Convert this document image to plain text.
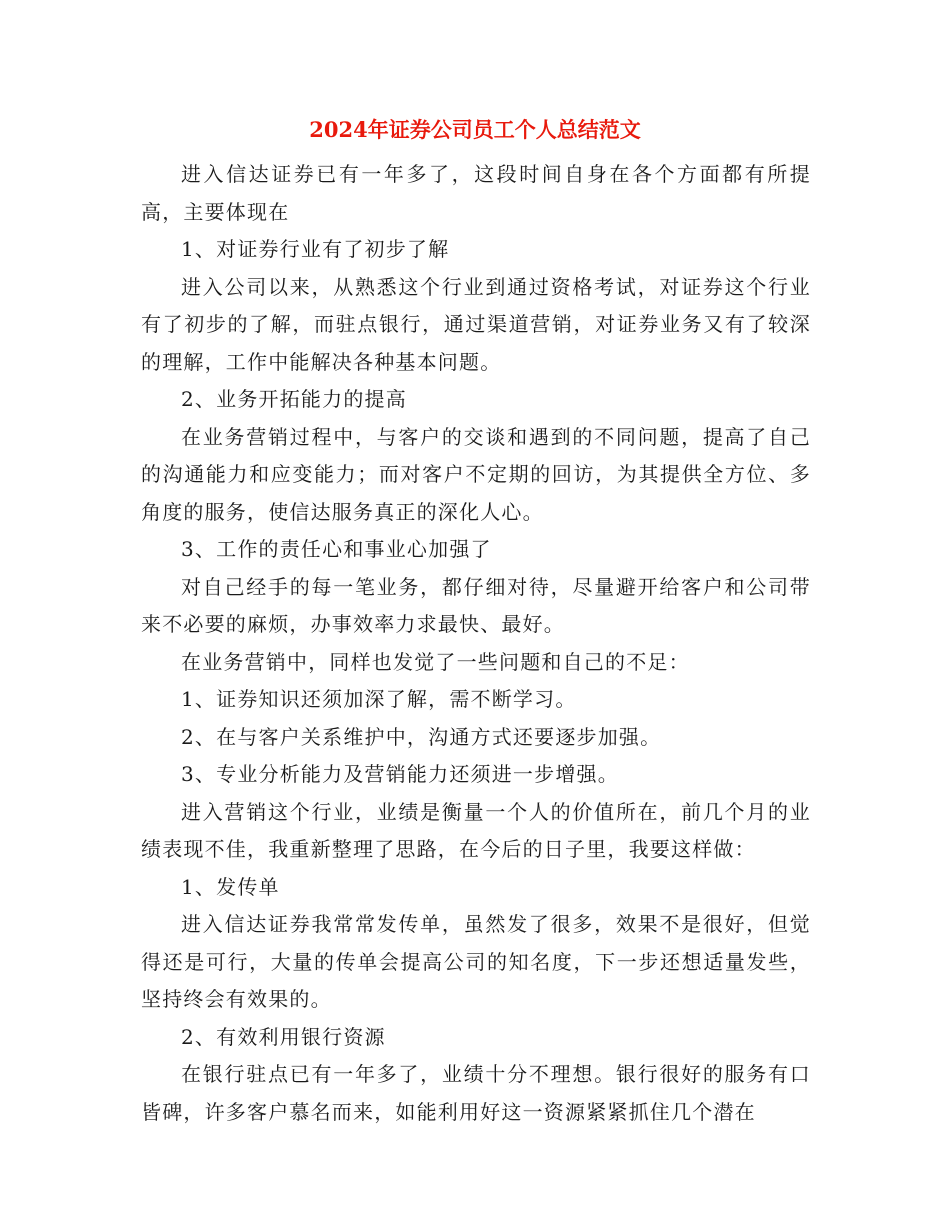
2024年证券公司员工个人总结范文

进入信达证券已有一年多了，这段时间自身在各个方面都有所提高，主要体现在

1、对证券行业有了初步了解

进入公司以来，从熟悉这个行业到通过资格考试，对证券这个行业有了初步的了解，而驻点银行，通过渠道营销，对证券业务又有了较深的理解，工作中能解决各种基本问题。

2、业务开拓能力的提高

在业务营销过程中，与客户的交谈和遇到的不同问题，提高了自己的沟通能力和应变能力；而对客户不定期的回访，为其提供全方位、多角度的服务，使信达服务真正的深化人心。

3、工作的责任心和事业心加强了

对自己经手的每一笔业务，都仔细对待，尽量避开给客户和公司带来不必要的麻烦，办事效率力求最快、最好。

在业务营销中，同样也发觉了一些问题和自己的不足：

1、证券知识还须加深了解，需不断学习。

2、在与客户关系维护中，沟通方式还要逐步加强。

3、专业分析能力及营销能力还须进一步增强。

进入营销这个行业，业绩是衡量一个人的价值所在，前几个月的业绩表现不佳，我重新整理了思路，在今后的日子里，我要这样做：

1、发传单

进入信达证券我常常发传单，虽然发了很多，效果不是很好，但觉得还是可行，大量的传单会提高公司的知名度，下一步还想适量发些，坚持终会有效果的。

2、有效利用银行资源

在银行驻点已有一年多了，业绩十分不理想。银行很好的服务有口皆碑，许多客户慕名而来，如能利用好这一资源紧紧抓住几个潜在
